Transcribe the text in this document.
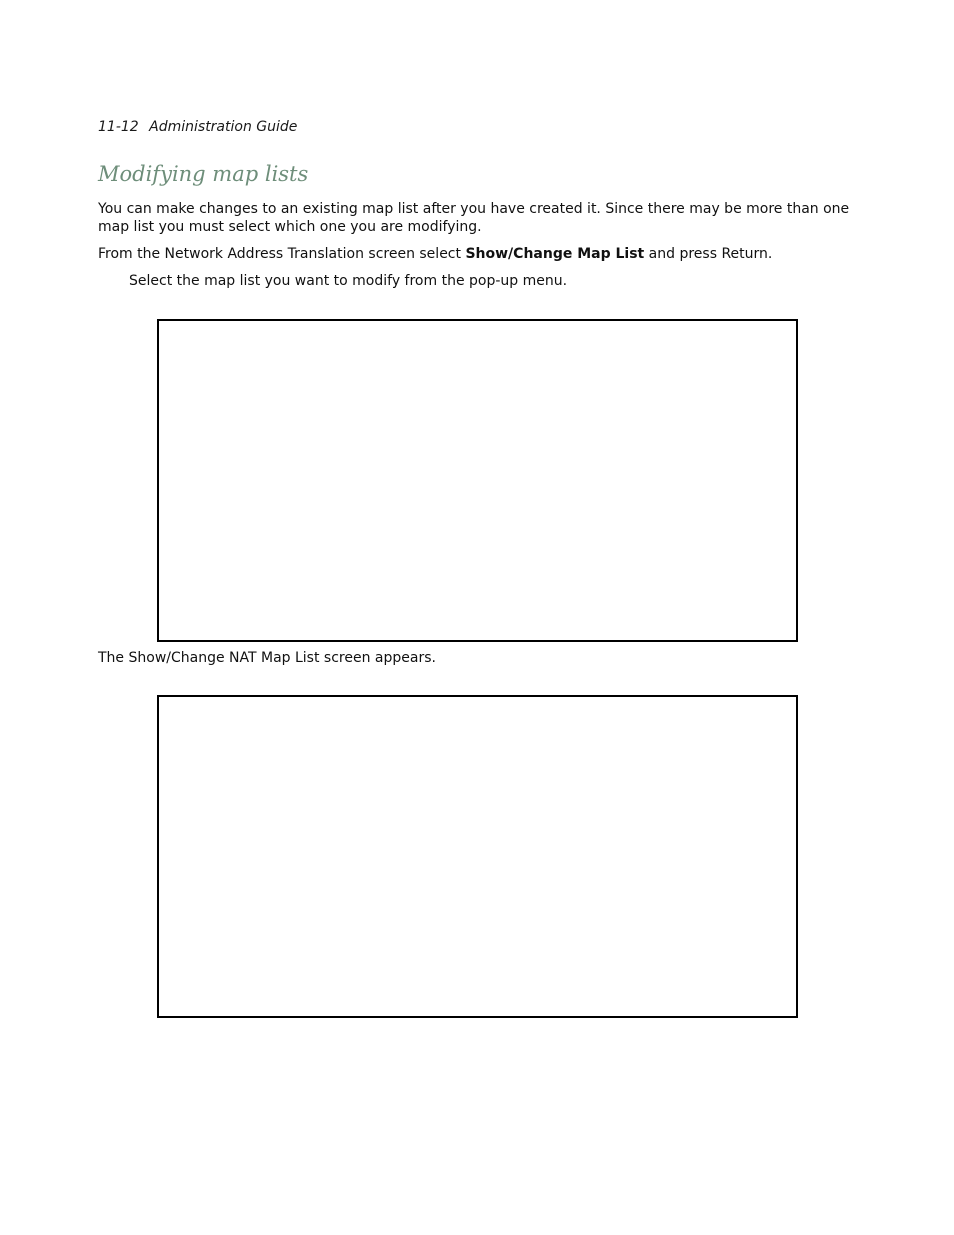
11-12 Administration Guide
Modifying map lists

You can make changes to an existing map list after you have created it. Since there may be more than one map list you must select which one you are modifying.

From the Network Address Translation screen select Show/Change Map List and press Return.

Select the map list you want to modify from the pop-up menu.

The Show/Change NAT Map List screen appears.
